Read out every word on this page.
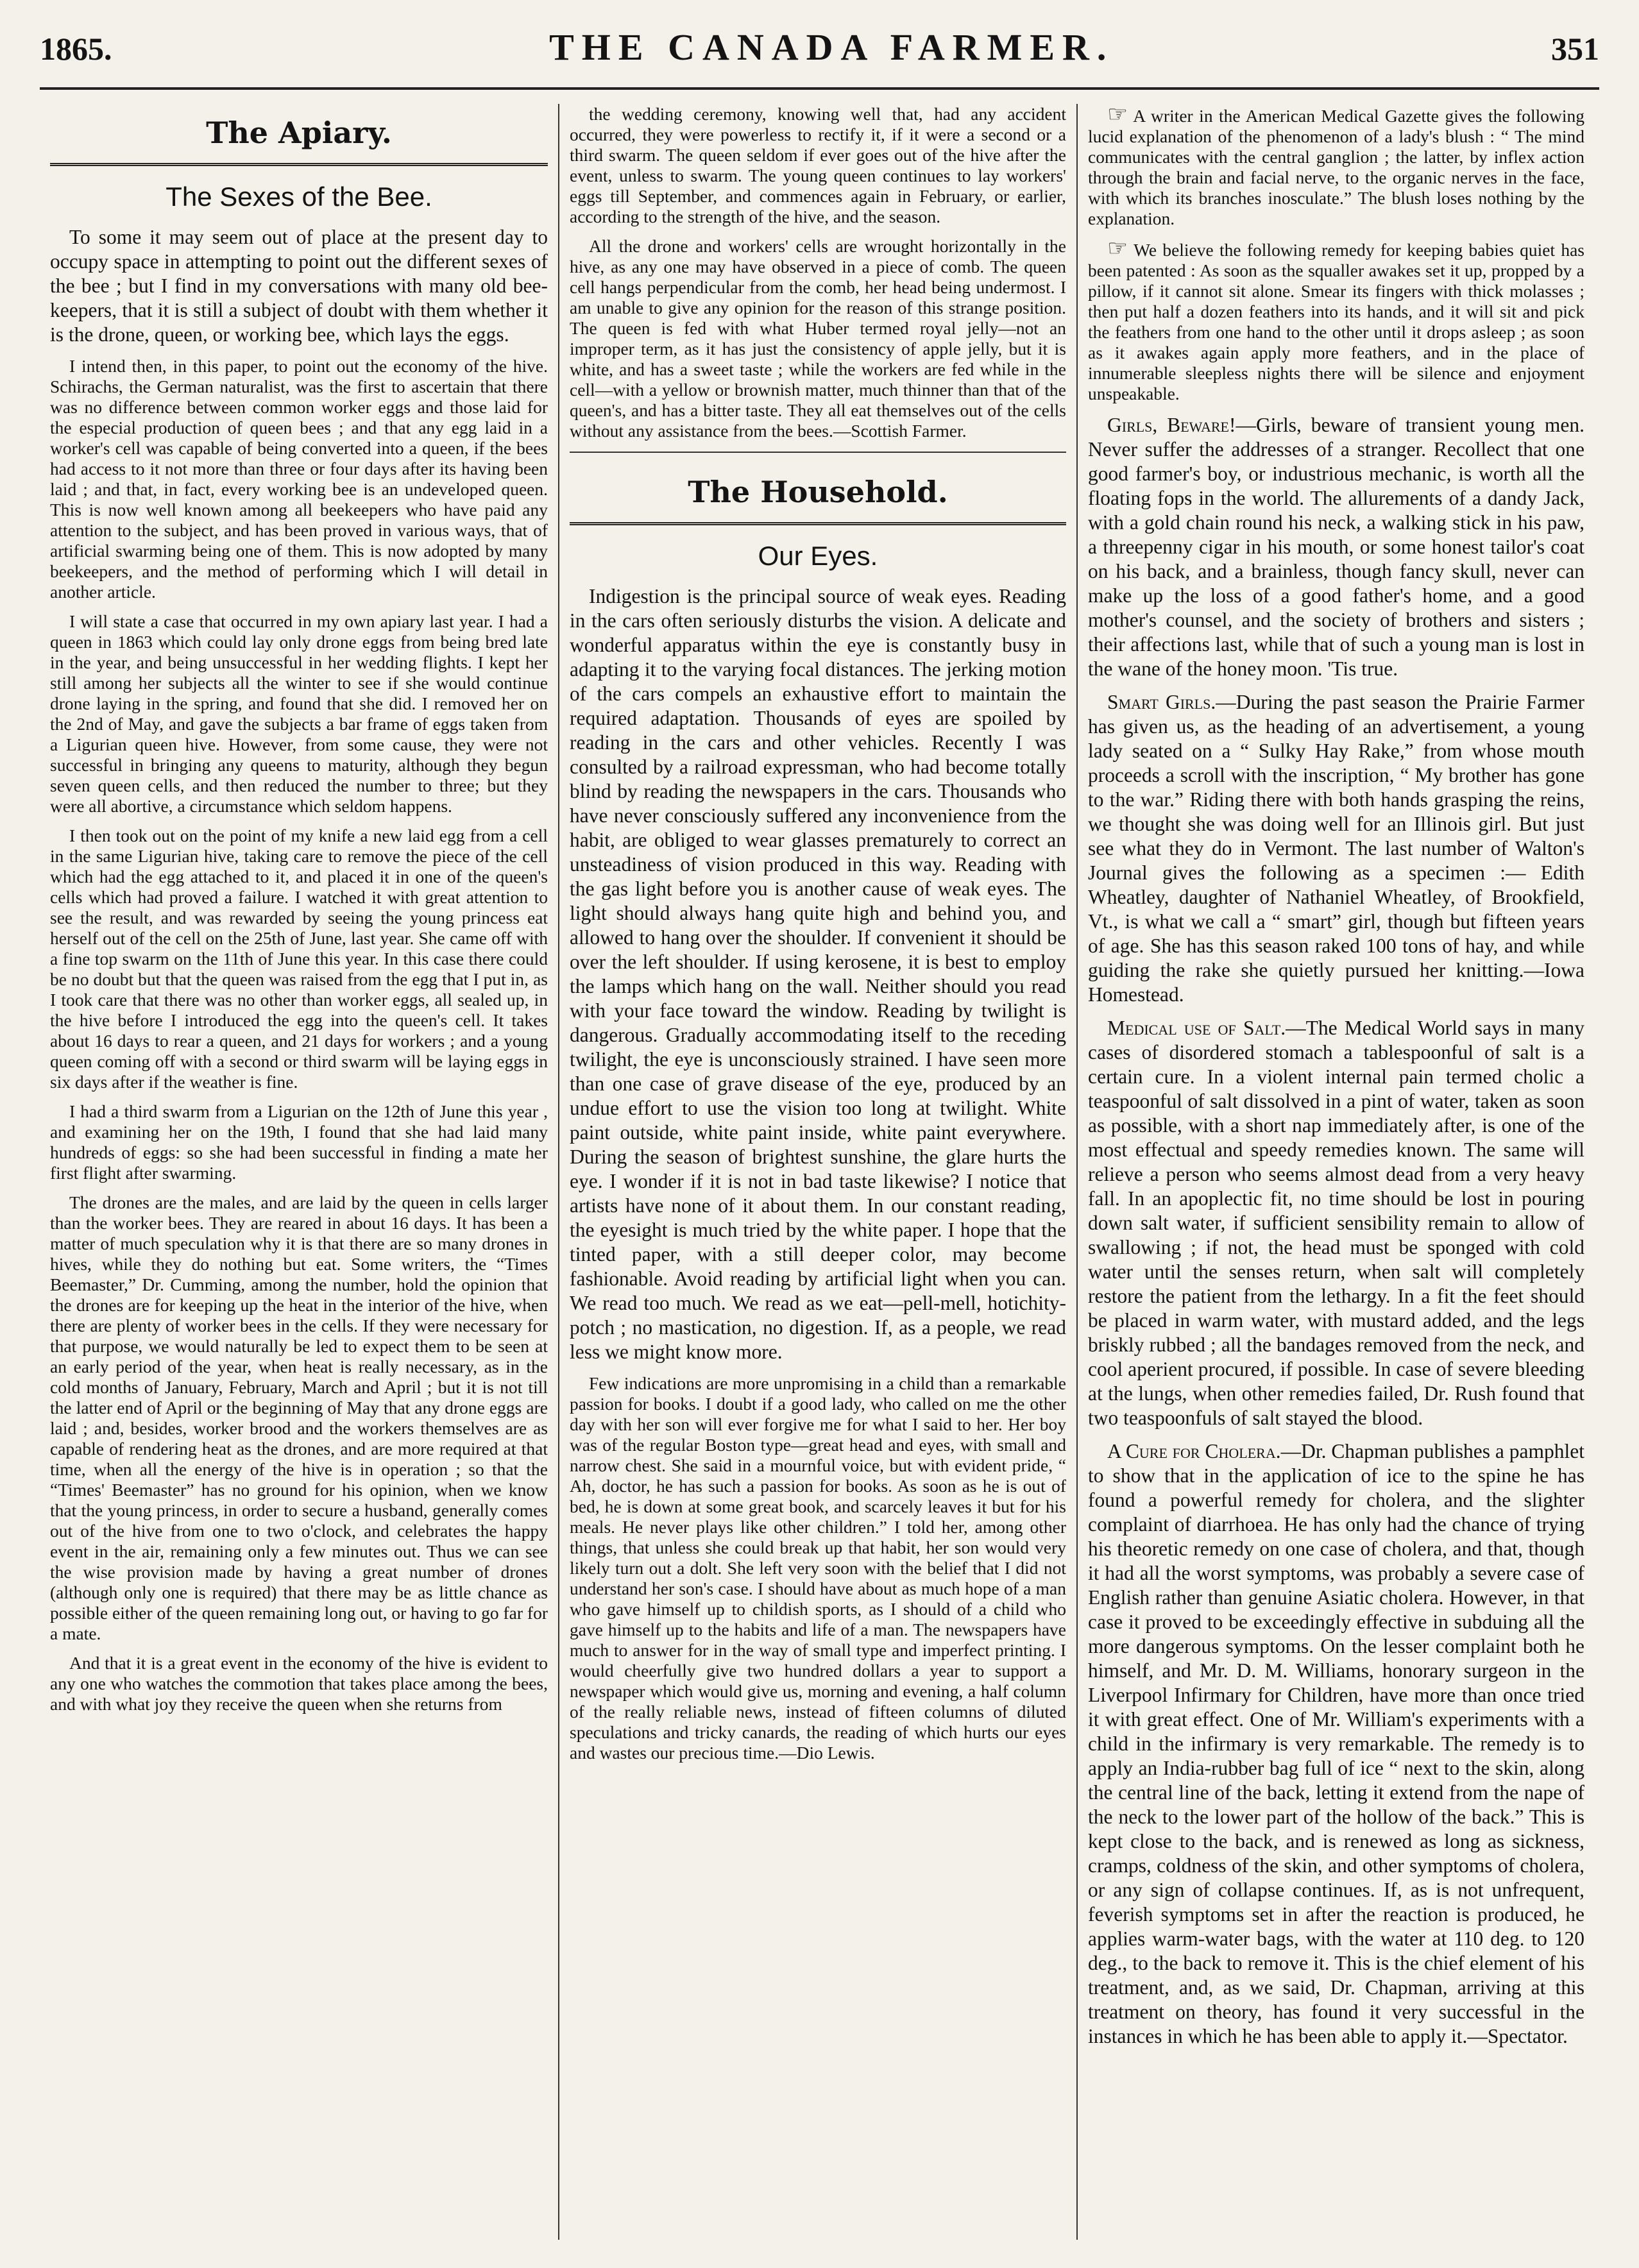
1865.	THE CANADA FARMER.	351
The Apiary.
The Sexes of the Bee.

To some it may seem out of place at the present day to occupy space in attempting to point out the different sexes of the bee ; but I find in my conversations with many old bee-keepers, that it is still a subject of doubt with them whether it is the drone, queen, or working bee, which lays the eggs.

I intend then, in this paper, to point out the economy of the hive. Schirachs, the German naturalist, was the first to ascertain that there was no difference between common worker eggs and those laid for the especial production of queen bees ; and that any egg laid in a worker's cell was capable of being converted into a queen, if the bees had access to it not more than three or four days after its having been laid ; and that, in fact, every working bee is an undeveloped queen. This is now well known among all beekeepers who have paid any attention to the subject, and has been proved in various ways, that of artificial swarming being one of them. This is now adopted by many beekeepers, and the method of performing which I will detail in another article.

I will state a case that occurred in my own apiary last year. I had a queen in 1863 which could lay only drone eggs from being bred late in the year, and being unsuccessful in her wedding flights. I kept her still among her subjects all the winter to see if she would continue drone laying in the spring, and found that she did. I removed her on the 2nd of May, and gave the subjects a bar frame of eggs taken from a Ligurian queen hive. However, from some cause, they were not successful in bringing any queens to maturity, although they begun seven queen cells, and then reduced the number to three; but they were all abortive, a circumstance which seldom happens.

I then took out on the point of my knife a new laid egg from a cell in the same Ligurian hive, taking care to remove the piece of the cell which had the egg attached to it, and placed it in one of the queen's cells which had proved a failure. I watched it with great attention to see the result, and was rewarded by seeing the young princess eat herself out of the cell on the 25th of June, last year. She came off with a fine top swarm on the 11th of June this year. In this case there could be no doubt but that the queen was raised from the egg that I put in, as I took care that there was no other than worker eggs, all sealed up, in the hive before I introduced the egg into the queen's cell. It takes about 16 days to rear a queen, and 21 days for workers ; and a young queen coming off with a second or third swarm will be laying eggs in six days after if the weather is fine.

I had a third swarm from a Ligurian on the 12th of June this year , and examining her on the 19th, I found that she had laid many hundreds of eggs: so she had been successful in finding a mate her first flight after swarming.

The drones are the males, and are laid by the queen in cells larger than the worker bees. They are reared in about 16 days. It has been a matter of much speculation why it is that there are so many drones in hives, while they do nothing but eat. Some writers, the “Times Beemaster,” Dr. Cumming, among the number, hold the opinion that the drones are for keeping up the heat in the interior of the hive, when there are plenty of worker bees in the cells. If they were necessary for that purpose, we would naturally be led to expect them to be seen at an early period of the year, when heat is really necessary, as in the cold months of January, February, March and April ; but it is not till the latter end of April or the beginning of May that any drone eggs are laid ; and, besides, worker brood and the workers themselves are as capable of rendering heat as the drones, and are more required at that time, when all the energy of the hive is in operation ; so that the “Times' Beemaster” has no ground for his opinion, when we know that the young princess, in order to secure a husband, generally comes out of the hive from one to two o'clock, and celebrates the happy event in the air, remaining only a few minutes out. Thus we can see the wise provision made by having a great number of drones (although only one is required) that there may be as little chance as possible either of the queen remaining long out, or having to go far for a mate.

And that it is a great event in the economy of the hive is evident to any one who watches the commotion that takes place among the bees, and with what joy they receive the queen when she returns from

the wedding ceremony, knowing well that, had any accident occurred, they were powerless to rectify it, if it were a second or a third swarm. The queen seldom if ever goes out of the hive after the event, unless to swarm. The young queen continues to lay workers' eggs till September, and commences again in February, or earlier, according to the strength of the hive, and the season.

All the drone and workers' cells are wrought horizontally in the hive, as any one may have observed in a piece of comb. The queen cell hangs perpendicular from the comb, her head being undermost. I am unable to give any opinion for the reason of this strange position. The queen is fed with what Huber termed royal jelly—not an improper term, as it has just the consistency of apple jelly, but it is white, and has a sweet taste ; while the workers are fed while in the cell—with a yellow or brownish matter, much thinner than that of the queen's, and has a bitter taste. They all eat themselves out of the cells without any assistance from the bees.—Scottish Farmer.

The Household.
Our Eyes.

Indigestion is the principal source of weak eyes. Reading in the cars often seriously disturbs the vision. A delicate and wonderful apparatus within the eye is constantly busy in adapting it to the varying focal distances. The jerking motion of the cars compels an exhaustive effort to maintain the required adaptation. Thousands of eyes are spoiled by reading in the cars and other vehicles. Recently I was consulted by a railroad expressman, who had become totally blind by reading the newspapers in the cars. Thousands who have never consciously suffered any inconvenience from the habit, are obliged to wear glasses prematurely to correct an unsteadiness of vision produced in this way. Reading with the gas light before you is another cause of weak eyes. The light should always hang quite high and behind you, and allowed to hang over the shoulder. If convenient it should be over the left shoulder. If using kerosene, it is best to employ the lamps which hang on the wall. Neither should you read with your face toward the window. Reading by twilight is dangerous. Gradually accommodating itself to the receding twilight, the eye is unconsciously strained. I have seen more than one case of grave disease of the eye, produced by an undue effort to use the vision too long at twilight. White paint outside, white paint inside, white paint everywhere. During the season of brightest sunshine, the glare hurts the eye. I wonder if it is not in bad taste likewise? I notice that artists have none of it about them. In our constant reading, the eyesight is much tried by the white paper. I hope that the tinted paper, with a still deeper color, may become fashionable. Avoid reading by artificial light when you can. We read too much. We read as we eat—pell-mell, hotichity-potch ; no mastication, no digestion. If, as a people, we read less we might know more.

Few indications are more unpromising in a child than a remarkable passion for books. I doubt if a good lady, who called on me the other day with her son will ever forgive me for what I said to her. Her boy was of the regular Boston type—great head and eyes, with small and narrow chest. She said in a mournful voice, but with evident pride, “ Ah, doctor, he has such a passion for books. As soon as he is out of bed, he is down at some great book, and scarcely leaves it but for his meals. He never plays like other children.” I told her, among other things, that unless she could break up that habit, her son would very likely turn out a dolt. She left very soon with the belief that I did not understand her son's case. I should have about as much hope of a man who gave himself up to childish sports, as I should of a child who gave himself up to the habits and life of a man. The newspapers have much to answer for in the way of small type and imperfect printing. I would cheerfully give two hundred dollars a year to support a newspaper which would give us, morning and evening, a half column of the really reliable news, instead of fifteen columns of diluted speculations and tricky canards, the reading of which hurts our eyes and wastes our precious time.—Dio Lewis.

☞ A writer in the American Medical Gazette gives the following lucid explanation of the phenomenon of a lady's blush : “ The mind communicates with the central ganglion ; the latter, by inflex action through the brain and facial nerve, to the organic nerves in the face, with which its branches inosculate.” The blush loses nothing by the explanation.

☞ We believe the following remedy for keeping babies quiet has been patented : As soon as the squaller awakes set it up, propped by a pillow, if it cannot sit alone. Smear its fingers with thick molasses ; then put half a dozen feathers into its hands, and it will sit and pick the feathers from one hand to the other until it drops asleep ; as soon as it awakes again apply more feathers, and in the place of innumerable sleepless nights there will be silence and enjoyment unspeakable.

Girls, Beware!—Girls, beware of transient young men. Never suffer the addresses of a stranger. Recollect that one good farmer's boy, or industrious mechanic, is worth all the floating fops in the world. The allurements of a dandy Jack, with a gold chain round his neck, a walking stick in his paw, a threepenny cigar in his mouth, or some honest tailor's coat on his back, and a brainless, though fancy skull, never can make up the loss of a good father's home, and a good mother's counsel, and the society of brothers and sisters ; their affections last, while that of such a young man is lost in the wane of the honey moon. 'Tis true.

Smart Girls.—During the past season the Prairie Farmer has given us, as the heading of an advertisement, a young lady seated on a “ Sulky Hay Rake,” from whose mouth proceeds a scroll with the inscription, “ My brother has gone to the war.” Riding there with both hands grasping the reins, we thought she was doing well for an Illinois girl. But just see what they do in Vermont. The last number of Walton's Journal gives the following as a specimen :— Edith Wheatley, daughter of Nathaniel Wheatley, of Brookfield, Vt., is what we call a “ smart” girl, though but fifteen years of age. She has this season raked 100 tons of hay, and while guiding the rake she quietly pursued her knitting.—Iowa Homestead.

Medical use of Salt.—The Medical World says in many cases of disordered stomach a tablespoonful of salt is a certain cure. In a violent internal pain termed cholic a teaspoonful of salt dissolved in a pint of water, taken as soon as possible, with a short nap immediately after, is one of the most effectual and speedy remedies known. The same will relieve a person who seems almost dead from a very heavy fall. In an apoplectic fit, no time should be lost in pouring down salt water, if sufficient sensibility remain to allow of swallowing ; if not, the head must be sponged with cold water until the senses return, when salt will completely restore the patient from the lethargy. In a fit the feet should be placed in warm water, with mustard added, and the legs briskly rubbed ; all the bandages removed from the neck, and cool aperient procured, if possible. In case of severe bleeding at the lungs, when other remedies failed, Dr. Rush found that two teaspoonfuls of salt stayed the blood.

A Cure for Cholera.—Dr. Chapman publishes a pamphlet to show that in the application of ice to the spine he has found a powerful remedy for cholera, and the slighter complaint of diarrhoea. He has only had the chance of trying his theoretic remedy on one case of cholera, and that, though it had all the worst symptoms, was probably a severe case of English rather than genuine Asiatic cholera. However, in that case it proved to be exceedingly effective in subduing all the more dangerous symptoms. On the lesser complaint both he himself, and Mr. D. M. Williams, honorary surgeon in the Liverpool Infirmary for Children, have more than once tried it with great effect. One of Mr. William's experiments with a child in the infirmary is very remarkable. The remedy is to apply an India-rubber bag full of ice “ next to the skin, along the central line of the back, letting it extend from the nape of the neck to the lower part of the hollow of the back.” This is kept close to the back, and is renewed as long as sickness, cramps, coldness of the skin, and other symptoms of cholera, or any sign of collapse continues. If, as is not unfrequent, feverish symptoms set in after the reaction is produced, he applies warm-water bags, with the water at 110 deg. to 120 deg., to the back to remove it. This is the chief element of his treatment, and, as we said, Dr. Chapman, arriving at this treatment on theory, has found it very successful in the instances in which he has been able to apply it.—Spectator.
